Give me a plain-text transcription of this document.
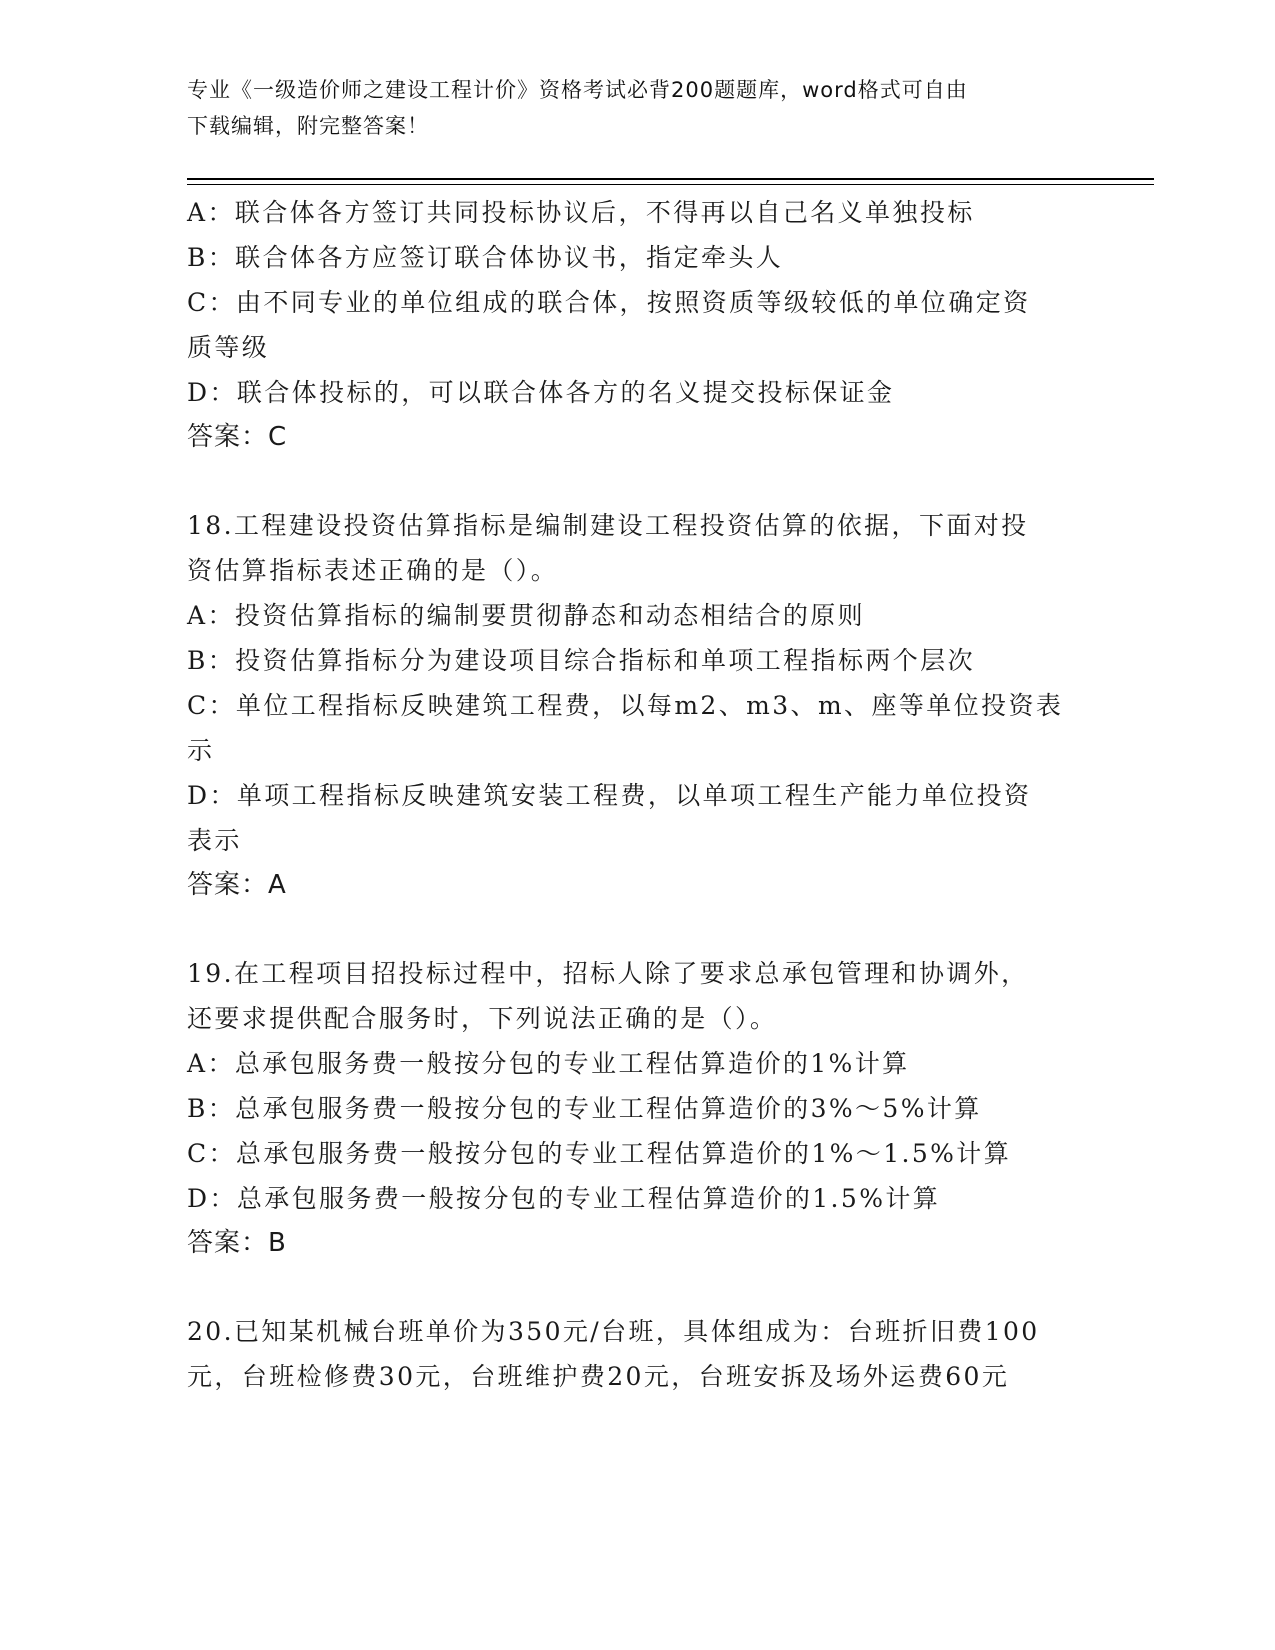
专业《一级造价师之建设工程计价》资格考试必背200题题库，word格式可自由
下载编辑，附完整答案！
A：联合体各方签订共同投标协议后，不得再以自己名义单独投标
B：联合体各方应签订联合体协议书，指定牵头人
C：由不同专业的单位组成的联合体，按照资质等级较低的单位确定资
质等级
D：联合体投标的，可以联合体各方的名义提交投标保证金
答案：C
18.工程建设投资估算指标是编制建设工程投资估算的依据，下面对投
资估算指标表述正确的是（）。
A：投资估算指标的编制要贯彻静态和动态相结合的原则
B：投资估算指标分为建设项目综合指标和单项工程指标两个层次
C：单位工程指标反映建筑工程费，以每m2、m3、m、座等单位投资表
示
D：单项工程指标反映建筑安装工程费，以单项工程生产能力单位投资
表示
答案：A
19.在工程项目招投标过程中，招标人除了要求总承包管理和协调外，
还要求提供配合服务时，下列说法正确的是（）。
A：总承包服务费一般按分包的专业工程估算造价的1%计算
B：总承包服务费一般按分包的专业工程估算造价的3%～5%计算
C：总承包服务费一般按分包的专业工程估算造价的1%～1.5%计算
D：总承包服务费一般按分包的专业工程估算造价的1.5%计算
答案：B
20.已知某机械台班单价为350元/台班，具体组成为：台班折旧费100
元，台班检修费30元，台班维护费20元，台班安拆及场外运费60元
